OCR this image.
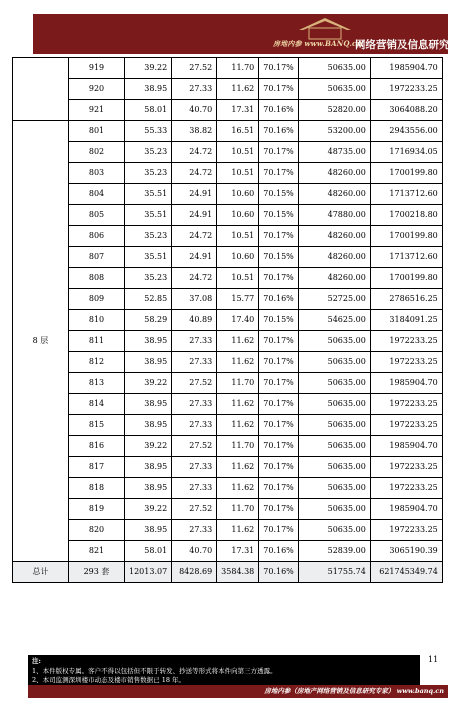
房地内参 www.BANQ.cn
网络营销及信息研究专家
	919	39.22	27.52	11.70	70.17%	50635.00	1985904.70
	920	38.95	27.33	11.62	70.17%	50635.00	1972233.25
	921	58.01	40.70	17.31	70.16%	52820.00	3064088.20
8 层	801	55.33	38.82	16.51	70.16%	53200.00	2943556.00
	802	35.23	24.72	10.51	70.17%	48735.00	1716934.05
	803	35.23	24.72	10.51	70.17%	48260.00	1700199.80
	804	35.51	24.91	10.60	70.15%	48260.00	1713712.60
	805	35.51	24.91	10.60	70.15%	47880.00	1700218.80
	806	35.23	24.72	10.51	70.17%	48260.00	1700199.80
	807	35.51	24.91	10.60	70.15%	48260.00	1713712.60
	808	35.23	24.72	10.51	70.17%	48260.00	1700199.80
	809	52.85	37.08	15.77	70.16%	52725.00	2786516.25
	810	58.29	40.89	17.40	70.15%	54625.00	3184091.25
	811	38.95	27.33	11.62	70.17%	50635.00	1972233.25
	812	38.95	27.33	11.62	70.17%	50635.00	1972233.25
	813	39.22	27.52	11.70	70.17%	50635.00	1985904.70
	814	38.95	27.33	11.62	70.17%	50635.00	1972233.25
	815	38.95	27.33	11.62	70.17%	50635.00	1972233.25
	816	39.22	27.52	11.70	70.17%	50635.00	1985904.70
	817	38.95	27.33	11.62	70.17%	50635.00	1972233.25
	818	38.95	27.33	11.62	70.17%	50635.00	1972233.25
	819	39.22	27.52	11.70	70.17%	50635.00	1985904.70
	820	38.95	27.33	11.62	70.17%	50635.00	1972233.25
	821	58.01	40.70	17.31	70.16%	52839.00	3065190.39
总计	293 套	12013.07	8428.69	3584.38	70.16%	51755.74	621745349.74
注:
1、本件版权专属。客户不得以包括但不限于转发、抄送等形式将本件向第三方透露。
2、本司监测深圳楼市动态及楼市销售数据已 18 年。
11
房地内参（房地产网络营销及信息研究专家） www.banq.cn
